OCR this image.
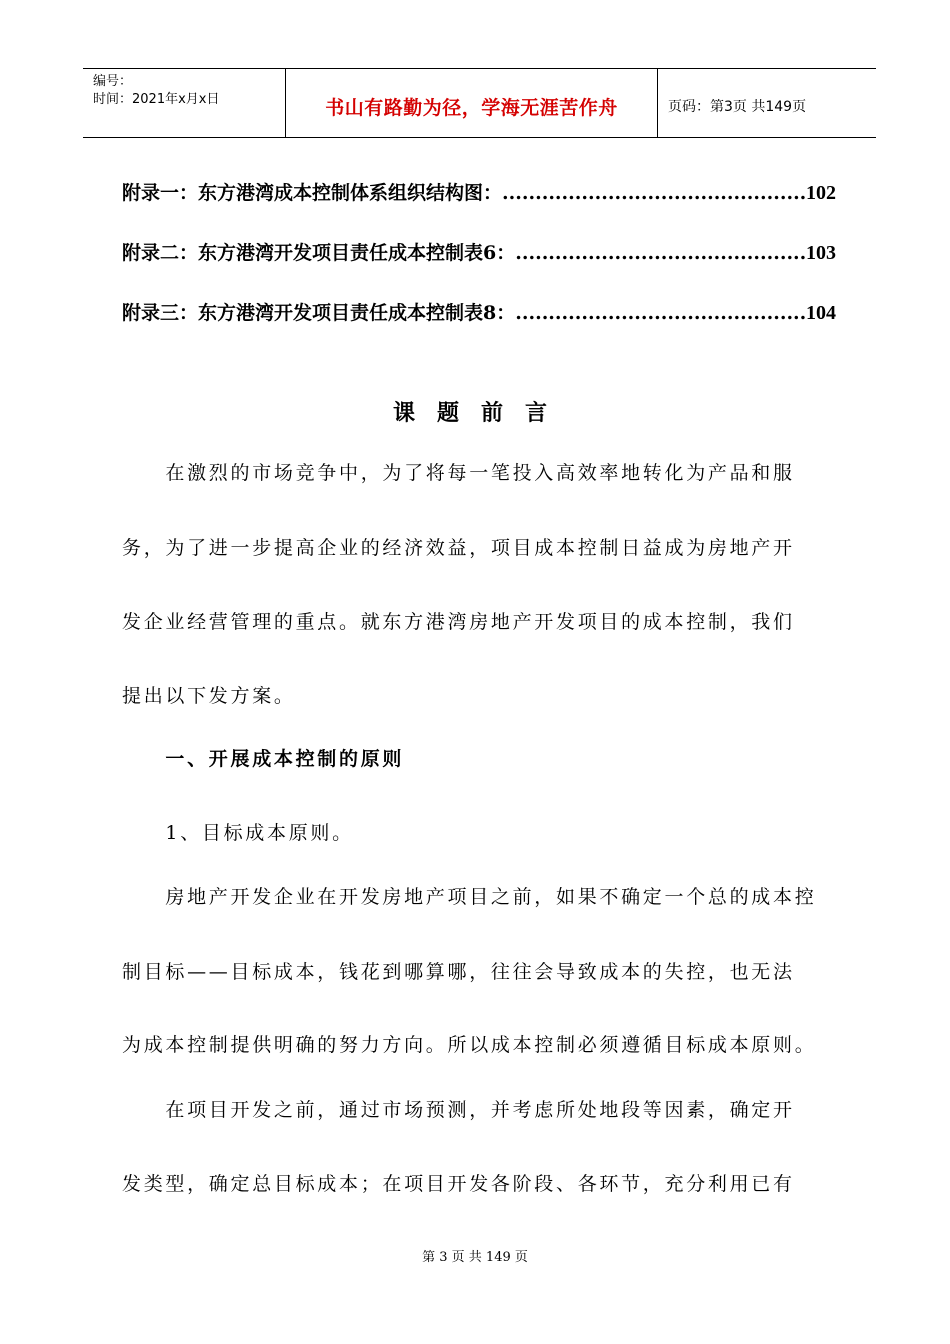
编号：
时间：2021年x月x日	书山有路勤为径，学海无涯苦作舟	页码：第3页 共149页
附录一：东方港湾成本控制体系组织结构图： .....	102
附录二：东方港湾开发项目责任成本控制表6： .....	103
附录三：东方港湾开发项目责任成本控制表8： .....	104
课题前言
　　在激烈的市场竞争中，为了将每一笔投入高效率地转化为产品和服
务，为了进一步提高企业的经济效益，项目成本控制日益成为房地产开
发企业经营管理的重点。就东方港湾房地产开发项目的成本控制，我们
提出以下发方案。
　　一、开展成本控制的原则
　　1、目标成本原则。
　　房地产开发企业在开发房地产项目之前，如果不确定一个总的成本控
制目标——目标成本，钱花到哪算哪，往往会导致成本的失控，也无法
为成本控制提供明确的努力方向。所以成本控制必须遵循目标成本原则。
　　在项目开发之前，通过市场预测，并考虑所处地段等因素，确定开
发类型，确定总目标成本；在项目开发各阶段、各环节，充分利用已有
第 3 页 共 149 页
